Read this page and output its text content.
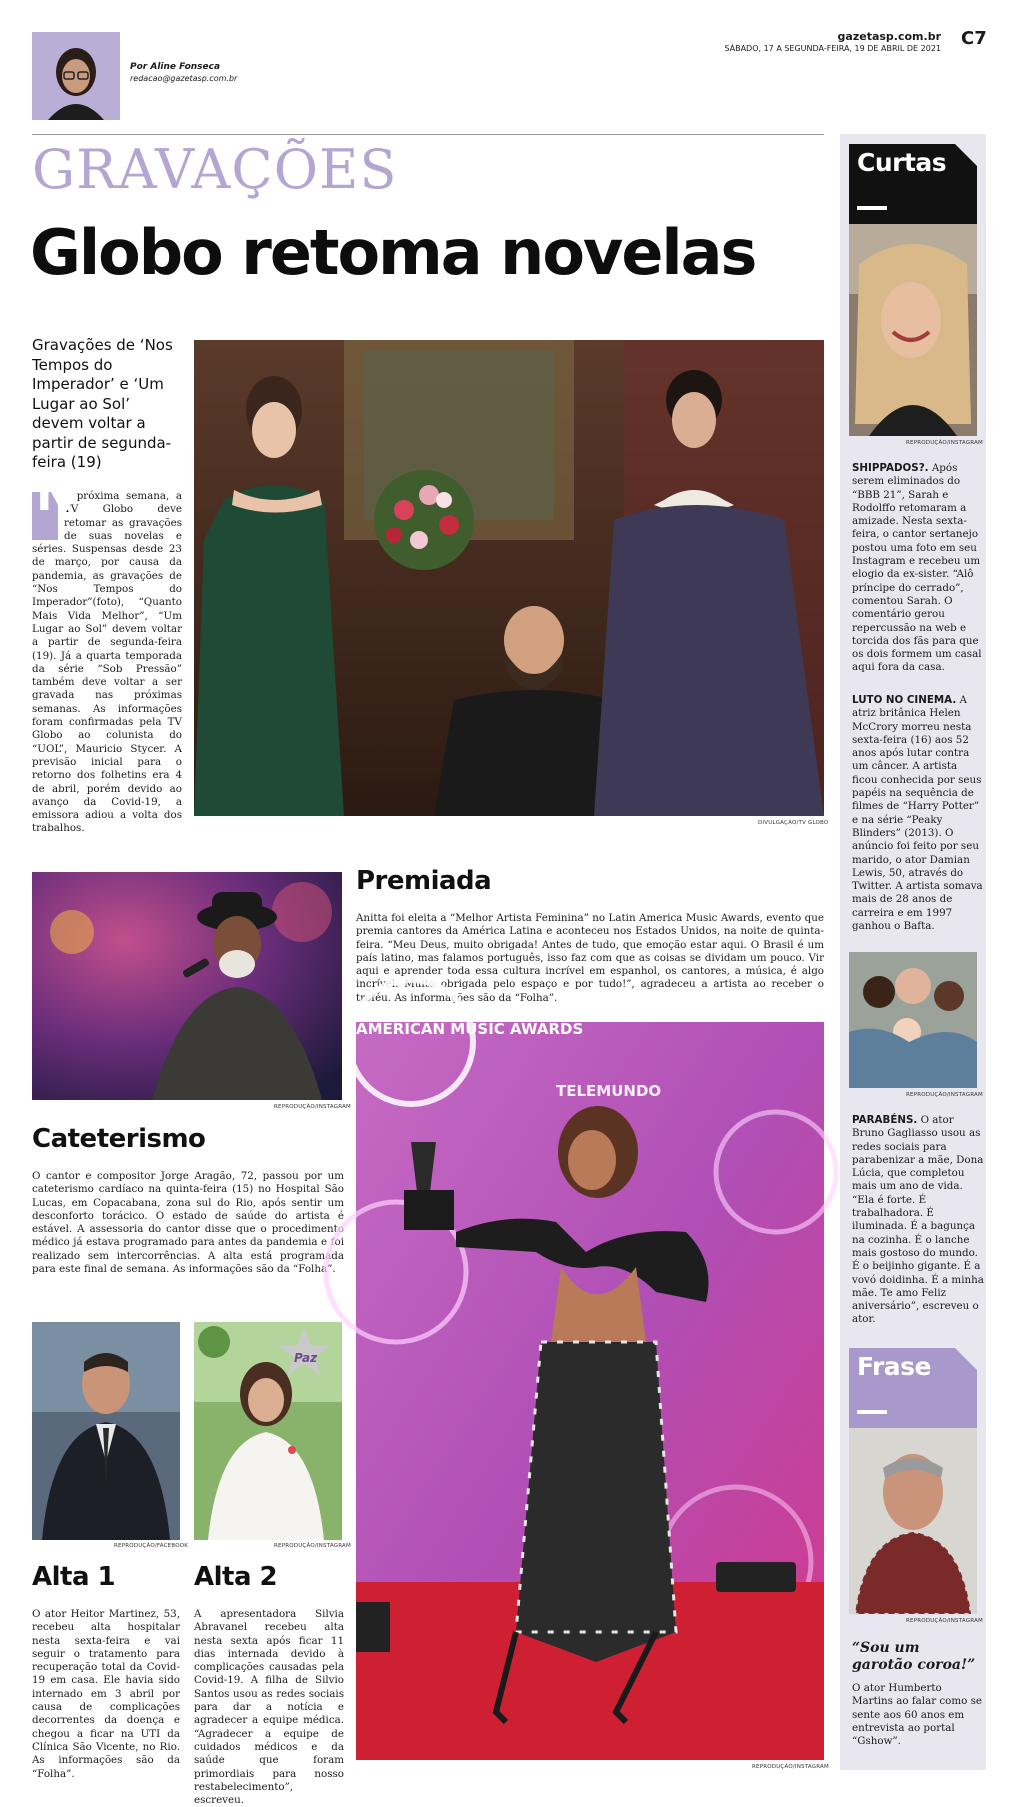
Por Aline Fonseca
redacao@gazetasp.com.br
gazetasp.com.br
SÁBADO, 17 A SEGUNDA-FEIRA, 19 DE ABRIL DE 2021 C7
GRAVAÇÕES
Globo retoma novelas
Gravações de ‘Nos Tempos do Imperador’ e ‘Um Lugar ao Sol’ devem voltar a partir de segunda-feira (19)
N
a próxima semana, a TV Globo deve retomar as gravações de suas novelas e séries. Suspensas desde 23 de março, por causa da pandemia, as gravações de “Nos Tempos do Imperador”(foto), “Quanto Mais Vida Melhor”, “Um Lugar ao Sol” devem voltar a partir de segunda-feira (19). Já a quarta temporada da série “Sob Pressão” também deve voltar a ser gravada nas próximas semanas. As informações foram confirmadas pela TV Globo ao colunista do “UOL”, Mauricio Stycer. A previsão inicial para o retorno dos folhetins era 4 de abril, porém devido ao avanço da Covid-19, a emissora adiou a volta dos trabalhos.	DIVULGAÇÃO/TV GLOBO
REPRODUÇÃO/INSTAGRAM
Cateterismo
O cantor e compositor Jorge Aragão, 72, passou por um cateterismo cardíaco na quinta-feira (15) no Hospital São Lucas, em Copacabana, zona sul do Rio, após sentir um desconforto torácico. O estado de saúde do artista é estável. A assessoria do cantor disse que o procedimento médico já estava programado para antes da pandemia e foi realizado sem intercorrências. A alta está programada para este final de semana. As informações são da “Folha”.
REPRODUÇÃO/FACEBOOK
Paz
REPRODUÇÃO/INSTAGRAM
Alta 1
O ator Heitor Martinez, 53, recebeu alta hospitalar nesta sexta-feira e vai seguir o tratamento para recuperação total da Covid-19 em casa. Ele havia sido internado em 3 abril por causa de complicações decorrentes da doença e chegou a ficar na UTI da Clínica São Vicente, no Rio. As informações são da “Folha”.
Alta 2
A apresentadora Silvia Abravanel recebeu alta nesta sexta após ficar 11 dias internada devido à complicações causadas pela Covid-19. A filha de Silvio Santos usou as redes sociais para dar a notícia e agradecer a equipe médica. “Agradecer a equipe de cuidados médicos e da saúde que foram primordiais para nosso restabelecimento”, escreveu.
Premiada
Anitta foi eleita a “Melhor Artista Feminina” no Latin America Music Awards, evento que premia cantores da América Latina e aconteceu nos Estados Unidos, na noite de quinta-feira. “Meu Deus, muito obrigada! Antes de tudo, que emoção estar aqui. O Brasil é um país latino, mas falamos português, isso faz com que as coisas se dividam um pouco. Vir aqui e aprender toda essa cultura incrível em espanhol, os cantores, a música, é algo incrível. Muito obrigada pelo espaço e por tudo!”, agradeceu a artista ao receber o troféu. As informações são da “Folha”.
AMERICAN MUSIC AWARDS
TELEMUNDO
REPRODUÇÃO/INSTAGRAM
Curtas
REPRODUÇÃO/INSTAGRAM
SHIPPADOS?. Após serem eliminados do “BBB 21”, Sarah e Rodolffo retomaram a amizade. Nesta sexta-feira, o cantor sertanejo postou uma foto em seu Instagram e recebeu um elogio da ex-sister. “Alô príncipe do cerrado”, comentou Sarah. O comentário gerou repercussão na web e torcida dos fãs para que os dois formem um casal aqui fora da casa.
LUTO NO CINEMA. A atriz britânica Helen McCrory morreu nesta sexta-feira (16) aos 52 anos após lutar contra um câncer. A artista ficou conhecida por seus papéis na sequência de filmes de “Harry Potter” e na série “Peaky Blinders” (2013). O anúncio foi feito por seu marido, o ator Damian Lewis, 50, através do Twitter. A artista somava mais de 28 anos de carreira e em 1997 ganhou o Bafta.
REPRODUÇÃO/INSTAGRAM
PARABÉNS. O ator Bruno Gagliasso usou as redes sociais para parabenizar a mãe, Dona Lúcia, que completou mais um ano de vida. “Ela é forte. É trabalhadora. É iluminada. É a bagunça na cozinha. É o lanche mais gostoso do mundo. É o beijinho gigante. É a vovó doidinha. É a minha mãe. Te amo Feliz aniversário”, escreveu o ator.
Frase
REPRODUÇÃO/INSTAGRAM
“Sou um garotão coroa!”
O ator Humberto Martins ao falar como se sente aos 60 anos em entrevista ao portal “Gshow”.
